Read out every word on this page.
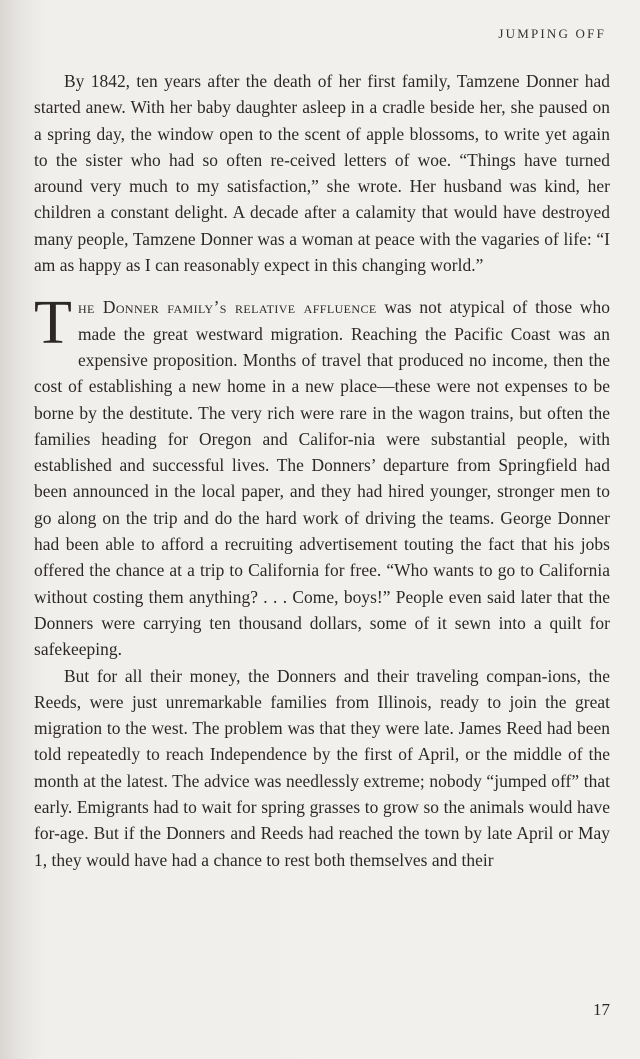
JUMPING OFF

By 1842, ten years after the death of her first family, Tamzene Donner had started anew. With her baby daughter asleep in a cradle beside her, she paused on a spring day, the window open to the scent of apple blossoms, to write yet again to the sister who had so often re-ceived letters of woe. “Things have turned around very much to my satisfaction,” she wrote. Her husband was kind, her children a constant delight. A decade after a calamity that would have destroyed many people, Tamzene Donner was a woman at peace with the vagaries of life: “I am as happy as I can reasonably expect in this changing world.”

The Donner family’s relative affluence was not atypical of those who made the great westward migration. Reaching the Pacific Coast was an expensive proposition. Months of travel that produced no income, then the cost of establishing a new home in a new place—these were not expenses to be borne by the destitute. The very rich were rare in the wagon trains, but often the families heading for Oregon and Califor-nia were substantial people, with established and successful lives. The Donners’ departure from Springfield had been announced in the local paper, and they had hired younger, stronger men to go along on the trip and do the hard work of driving the teams. George Donner had been able to afford a recruiting advertisement touting the fact that his jobs offered the chance at a trip to California for free. “Who wants to go to California without costing them anything? . . . Come, boys!” People even said later that the Donners were carrying ten thousand dollars, some of it sewn into a quilt for safekeeping.

But for all their money, the Donners and their traveling compan-ions, the Reeds, were just unremarkable families from Illinois, ready to join the great migration to the west. The problem was that they were late. James Reed had been told repeatedly to reach Independence by the first of April, or the middle of the month at the latest. The advice was needlessly extreme; nobody “jumped off” that early. Emigrants had to wait for spring grasses to grow so the animals would have for-age. But if the Donners and Reeds had reached the town by late April or May 1, they would have had a chance to rest both themselves and their

17
